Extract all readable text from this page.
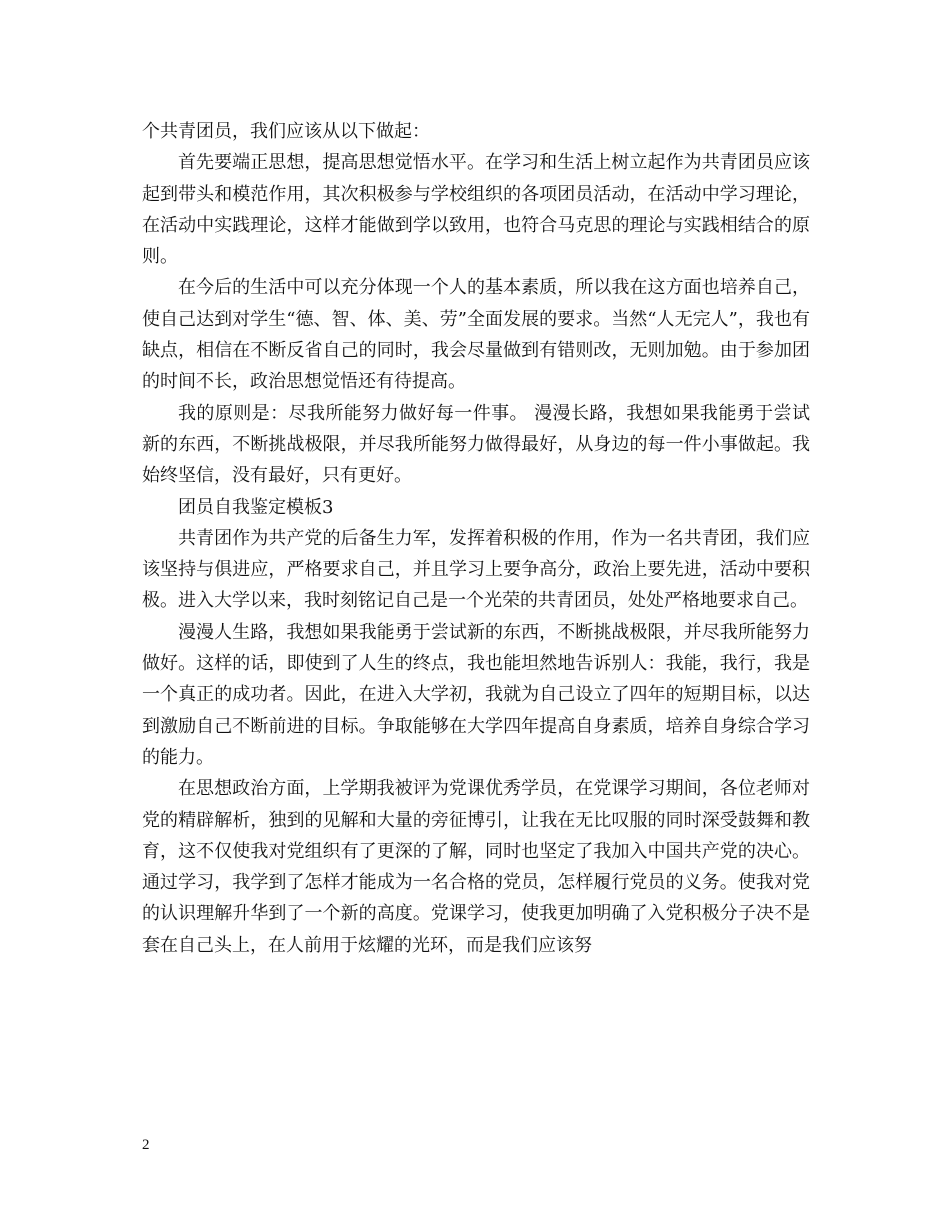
个共青团员，我们应该从以下做起：

首先要端正思想，提高思想觉悟水平。在学习和生活上树立起作为共青团员应该起到带头和模范作用，其次积极参与学校组织的各项团员活动，在活动中学习理论，在活动中实践理论，这样才能做到学以致用，也符合马克思的理论与实践相结合的原则。

在今后的生活中可以充分体现一个人的基本素质，所以我在这方面也培养自己，使自己达到对学生“德、智、体、美、劳”全面发展的要求。当然“人无完人”，我也有缺点，相信在不断反省自己的同时，我会尽量做到有错则改，无则加勉。由于参加团的时间不长，政治思想觉悟还有待提高。

我的原则是：尽我所能努力做好每一件事。 漫漫长路，我想如果我能勇于尝试新的东西，不断挑战极限，并尽我所能努力做得最好，从身边的每一件小事做起。我始终坚信，没有最好，只有更好。

团员自我鉴定模板3

共青团作为共产党的后备生力军，发挥着积极的作用，作为一名共青团，我们应该坚持与俱进应，严格要求自己，并且学习上要争高分，政治上要先进，活动中要积极。进入大学以来，我时刻铭记自己是一个光荣的共青团员，处处严格地要求自己。

漫漫人生路，我想如果我能勇于尝试新的东西，不断挑战极限，并尽我所能努力做好。这样的话，即使到了人生的终点，我也能坦然地告诉别人：我能，我行，我是一个真正的成功者。因此，在进入大学初，我就为自己设立了四年的短期目标，以达到激励自己不断前进的目标。争取能够在大学四年提高自身素质，培养自身综合学习的能力。

在思想政治方面，上学期我被评为党课优秀学员，在党课学习期间，各位老师对党的精辟解析，独到的见解和大量的旁征博引，让我在无比叹服的同时深受鼓舞和教育，这不仅使我对党组织有了更深的了解，同时也坚定了我加入中国共产党的决心。通过学习，我学到了怎样才能成为一名合格的党员，怎样履行党员的义务。使我对党的认识理解升华到了一个新的高度。党课学习，使我更加明确了入党积极分子决不是套在自己头上，在人前用于炫耀的光环，而是我们应该努

2
